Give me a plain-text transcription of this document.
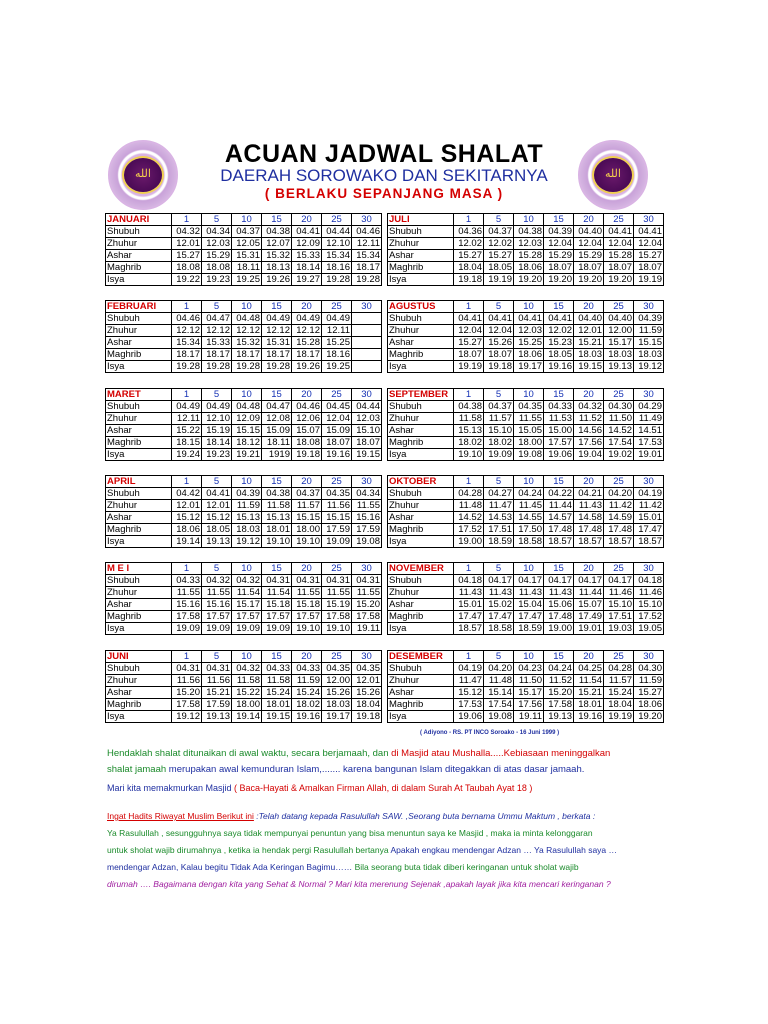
الله	الله
ACUAN JADWAL SHALAT
DAERAH SOROWAKO DAN SEKITARNYA
( BERLAKU SEPANJANG MASA )
JANUARI	1	5	10	15	20	25	30
Shubuh	04.32	04.34	04.37	04.38	04.41	04.44	04.46
Zhuhur	12.01	12.03	12.05	12.07	12.09	12.10	12.11
Ashar	15.27	15.29	15.31	15.32	15.33	15.34	15.34
Maghrib	18.08	18.08	18.11	18.13	18.14	18.16	18.17
Isya	19.22	19.23	19.25	19.26	19.27	19.28	19.28
FEBRUARI	1	5	10	15	20	25	30
Shubuh	04.46	04.47	04.48	04.49	04.49	04.49	
Zhuhur	12.12	12.12	12.12	12.12	12.12	12.11	
Ashar	15.34	15.33	15.32	15.31	15.28	15.25	
Maghrib	18.17	18.17	18.17	18.17	18.17	18.16	
Isya	19.28	19.28	19.28	19.28	19.26	19.25	
MARET	1	5	10	15	20	25	30
Shubuh	04.49	04.49	04.48	04.47	04.46	04.45	04.44
Zhuhur	12.11	12.10	12.09	12.08	12.06	12.04	12.03
Ashar	15.22	15.19	15.15	15.09	15.07	15.09	15.10
Maghrib	18.15	18.14	18.12	18.11	18.08	18.07	18.07
Isya	19.24	19.23	19.21	1919	19.18	19.16	19.15
APRIL	1	5	10	15	20	25	30
Shubuh	04.42	04.41	04.39	04.38	04.37	04.35	04.34
Zhuhur	12.01	12.01	11.59	11.58	11.57	11.56	11.55
Ashar	15.12	15.12	15.13	15.13	15.15	15.15	15.16
Maghrib	18.06	18.05	18.03	18.01	18.00	17.59	17.59
Isya	19.14	19.13	19.12	19.10	19.10	19.09	19.08
M E I	1	5	10	15	20	25	30
Shubuh	04.33	04.32	04.32	04.31	04.31	04.31	04.31
Zhuhur	11.55	11.55	11.54	11.54	11.55	11.55	11.55
Ashar	15.16	15.16	15.17	15.18	15.18	15.19	15.20
Maghrib	17.58	17.57	17.57	17.57	17.57	17.58	17.58
Isya	19.09	19.09	19.09	19.09	19.10	19.10	19.11
JUNI	1	5	10	15	20	25	30
Shubuh	04.31	04.31	04.32	04.33	04.33	04.35	04.35
Zhuhur	11.56	11.56	11.58	11.58	11.59	12.00	12.01
Ashar	15.20	15.21	15.22	15.24	15.24	15.26	15.26
Maghrib	17.58	17.59	18.00	18.01	18.02	18.03	18.04
Isya	19.12	19.13	19.14	19.15	19.16	19.17	19.18
JULI	1	5	10	15	20	25	30
Shubuh	04.36	04.37	04.38	04.39	04.40	04.41	04.41
Zhuhur	12.02	12.02	12.03	12.04	12.04	12.04	12.04
Ashar	15.27	15.27	15.28	15.29	15.29	15.28	15.27
Maghrib	18.04	18.05	18.06	18.07	18.07	18.07	18.07
Isya	19.18	19.19	19.20	19.20	19.20	19.20	19.19
AGUSTUS	1	5	10	15	20	25	30
Shubuh	04.41	04.41	04.41	04.41	04.40	04.40	04.39
Zhuhur	12.04	12.04	12.03	12.02	12.01	12.00	11.59
Ashar	15.27	15.26	15.25	15.23	15.21	15.17	15.15
Maghrib	18.07	18.07	18.06	18.05	18.03	18.03	18.03
Isya	19.19	19.18	19.17	19.16	19.15	19.13	19.12
SEPTEMBER	1	5	10	15	20	25	30
Shubuh	04.38	04.37	04.35	04.33	04.32	04.30	04.29
Zhuhur	11.58	11.57	11.55	11.53	11.52	11.50	11.49
Ashar	15.13	15.10	15.05	15.00	14.56	14.52	14.51
Maghrib	18.02	18.02	18.00	17.57	17.56	17.54	17.53
Isya	19.10	19.09	19.08	19.06	19.04	19.02	19.01
OKTOBER	1	5	10	15	20	25	30
Shubuh	04.28	04.27	04.24	04.22	04.21	04.20	04.19
Zhuhur	11.48	11.47	11.45	11.44	11.43	11.42	11.42
Ashar	14.52	14.53	14.55	14.57	14.58	14.59	15.01
Maghrib	17.52	17.51	17.50	17.48	17.48	17.48	17.47
Isya	19.00	18.59	18.58	18.57	18.57	18.57	18.57
NOVEMBER	1	5	10	15	20	25	30
Shubuh	04.18	04.17	04.17	04.17	04.17	04.17	04.18
Zhuhur	11.43	11.43	11.43	11.43	11.44	11.46	11.46
Ashar	15.01	15.02	15.04	15.06	15.07	15.10	15.10
Maghrib	17.47	17.47	17.47	17.48	17.49	17.51	17.52
Isya	18.57	18.58	18.59	19.00	19.01	19.03	19.05
DESEMBER	1	5	10	15	20	25	30
Shubuh	04.19	04.20	04.23	04.24	04.25	04.28	04.30
Zhuhur	11.47	11.48	11.50	11.52	11.54	11.57	11.59
Ashar	15.12	15.14	15.17	15.20	15.21	15.24	15.27
Maghrib	17.53	17.54	17.56	17.58	18.01	18.04	18.06
Isya	19.06	19.08	19.11	19.13	19.16	19.19	19.20
( Adiyono - RS. PT INCO Soroako - 16 Juni 1999 )
Hendaklah shalat ditunaikan di awal waktu, secara berjamaah, dan di Masjid atau Mushalla.....Kebiasaan meninggalkan
shalat jamaah merupakan awal kemunduran Islam,....... karena bangunan Islam ditegakkan di atas dasar jamaah.
Mari kita memakmurkan Masjid ( Baca-Hayati & Amalkan Firman Allah, di dalam Surah At Taubah Ayat 18 )
Ingat Hadits Riwayat Muslim Berikut ini :Telah datang kepada Rasulullah SAW. ,Seorang buta bernama Ummu Maktum , berkata :
Ya Rasulullah , sesungguhnya saya tidak mempunyai penuntun yang bisa menuntun saya ke Masjid , maka ia minta kelonggaran
untuk sholat wajib dirumahnya , ketika ia hendak pergi Rasulullah bertanya Apakah engkau mendengar Adzan … Ya Rasulullah saya …
mendengar Adzan, Kalau begitu Tidak Ada Keringan Bagimu…… Bila seorang buta tidak diberi keringanan untuk sholat wajib
dirumah …. Bagaimana dengan kita yang Sehat & Normal ? Mari kita merenung Sejenak ,apakah layak jika kita mencari keringanan ?
